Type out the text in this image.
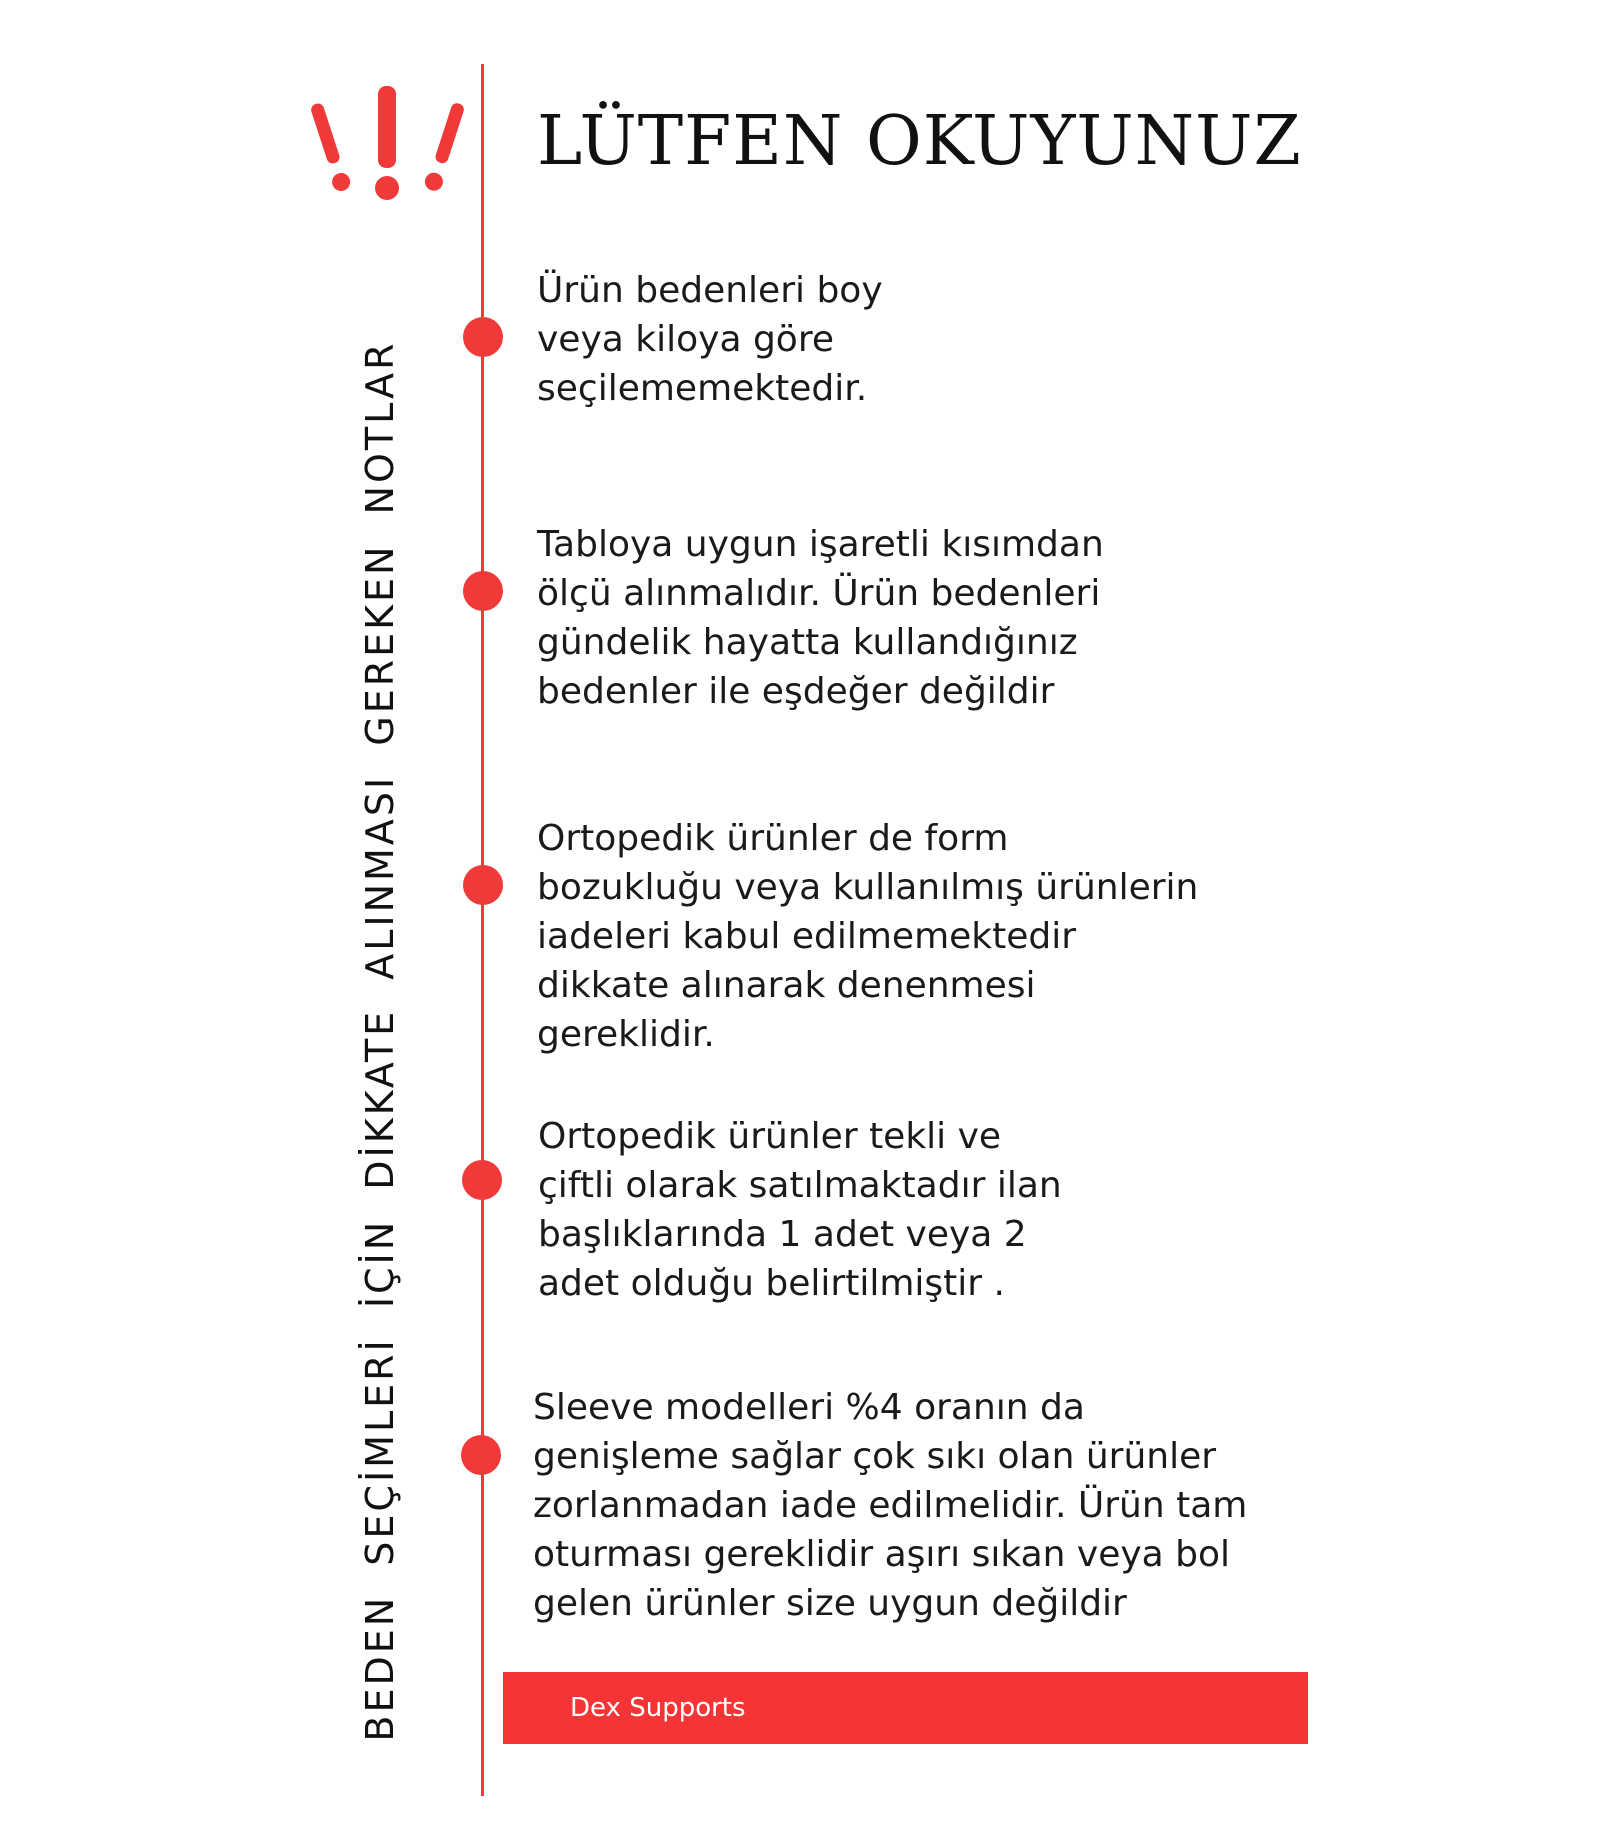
BEDEN SEÇİMLERİ İÇİN DİKKATE ALINMASI GEREKEN NOTLAR
LÜTFEN OKUYUNUZ
Ürün bedenleri boy
veya kiloya göre
seçilememektedir.
Tabloya uygun işaretli kısımdan
ölçü alınmalıdır. Ürün bedenleri
gündelik hayatta kullandığınız
bedenler ile eşdeğer değildir
Ortopedik ürünler de form
bozukluğu veya kullanılmış ürünlerin
iadeleri kabul edilmemektedir
dikkate alınarak denenmesi
gereklidir.
Ortopedik ürünler tekli ve
çiftli olarak satılmaktadır ilan
başlıklarında 1 adet veya 2
adet olduğu belirtilmiştir .
Sleeve modelleri %4 oranın da
genişleme sağlar çok sıkı olan ürünler
zorlanmadan iade edilmelidir. Ürün tam
oturması gereklidir aşırı sıkan veya bol
gelen ürünler size uygun değildir
Dex Supports
